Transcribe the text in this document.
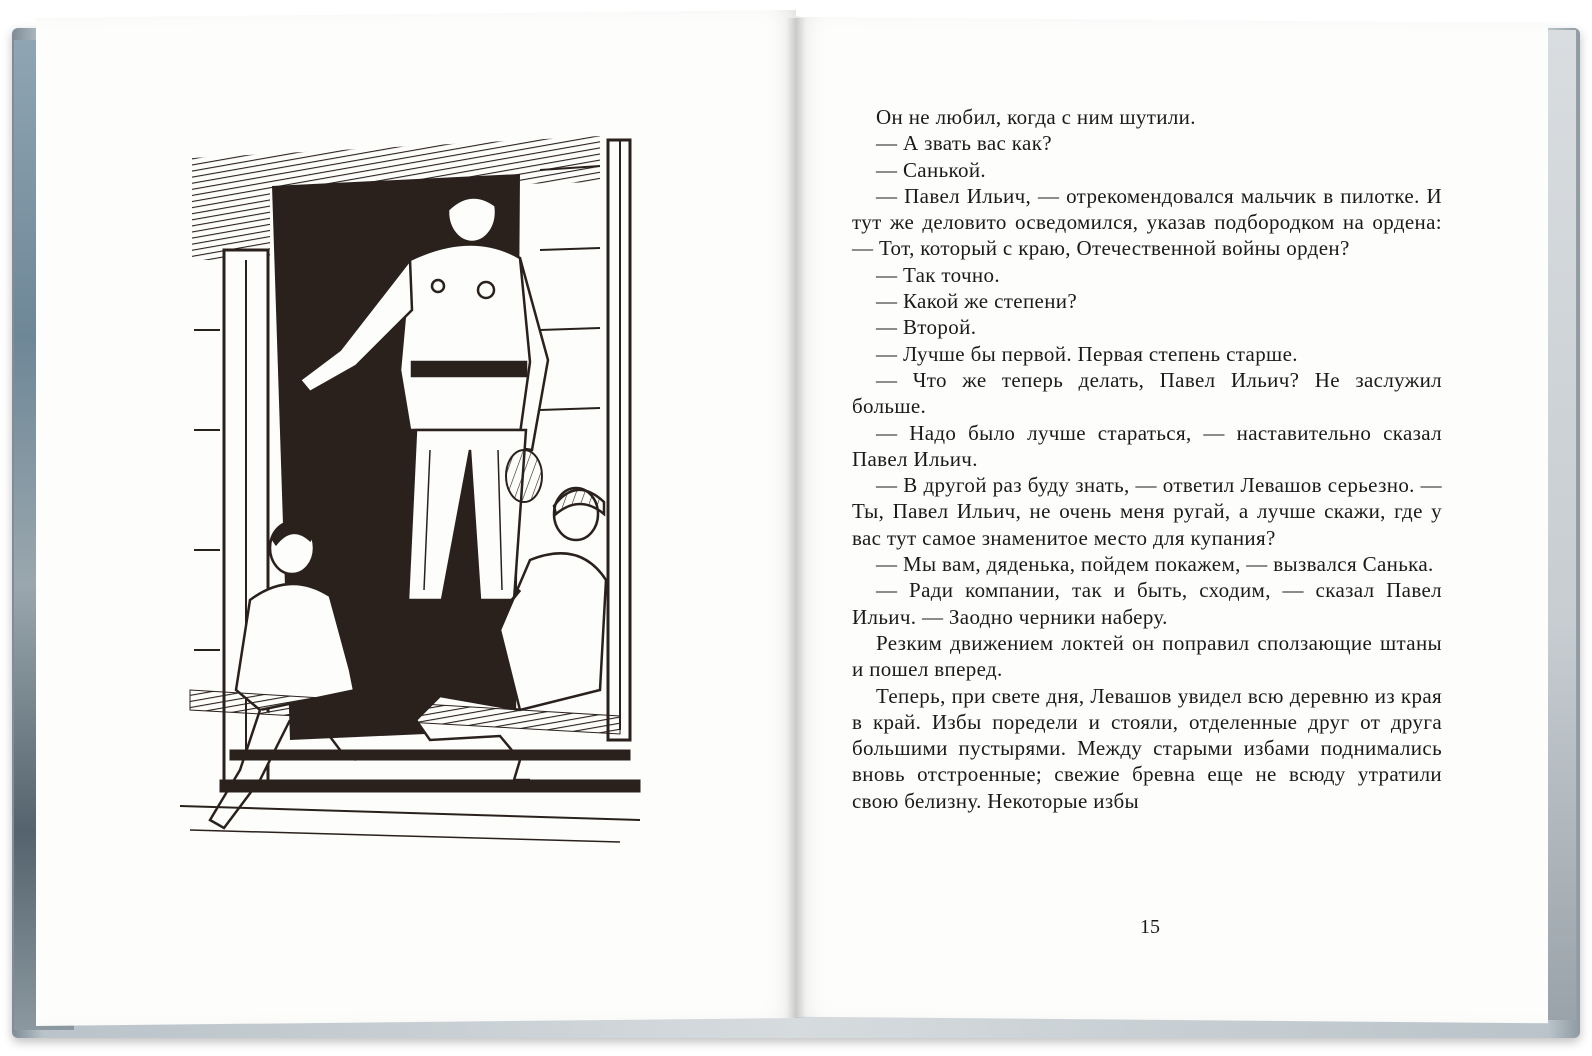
Он не любил, когда с ним шутили.

— А звать вас как?

— Санькой.

— Павел Ильич, — отрекомендовался мальчик в пилотке. И тут же деловито осведомился, указав подбородком на ордена: — Тот, который с краю, Отечественной войны орден?

— Так точно.

— Какой же степени?

— Второй.

— Лучше бы первой. Первая степень старше.

— Что же теперь делать, Павел Ильич? Не заслужил больше.

— Надо было лучше стараться, — наставительно сказал Павел Ильич.

— В другой раз буду знать, — ответил Левашов серьезно. — Ты, Павел Ильич, не очень меня ругай, а лучше скажи, где у вас тут самое знаменитое место для купания?

— Мы вам, дяденька, пойдем покажем, — вызвался Санька.

— Ради компании, так и быть, сходим, — сказал Павел Ильич. — Заодно черники наберу.

Резким движением локтей он поправил сползающие штаны и пошел вперед.

Теперь, при свете дня, Левашов увидел всю деревню из края в край. Избы поредели и стояли, отделенные друг от друга большими пустырями. Между старыми избами поднимались вновь отстроенные; свежие бревна еще не всюду утратили свою белизну. Некоторые избы

15
